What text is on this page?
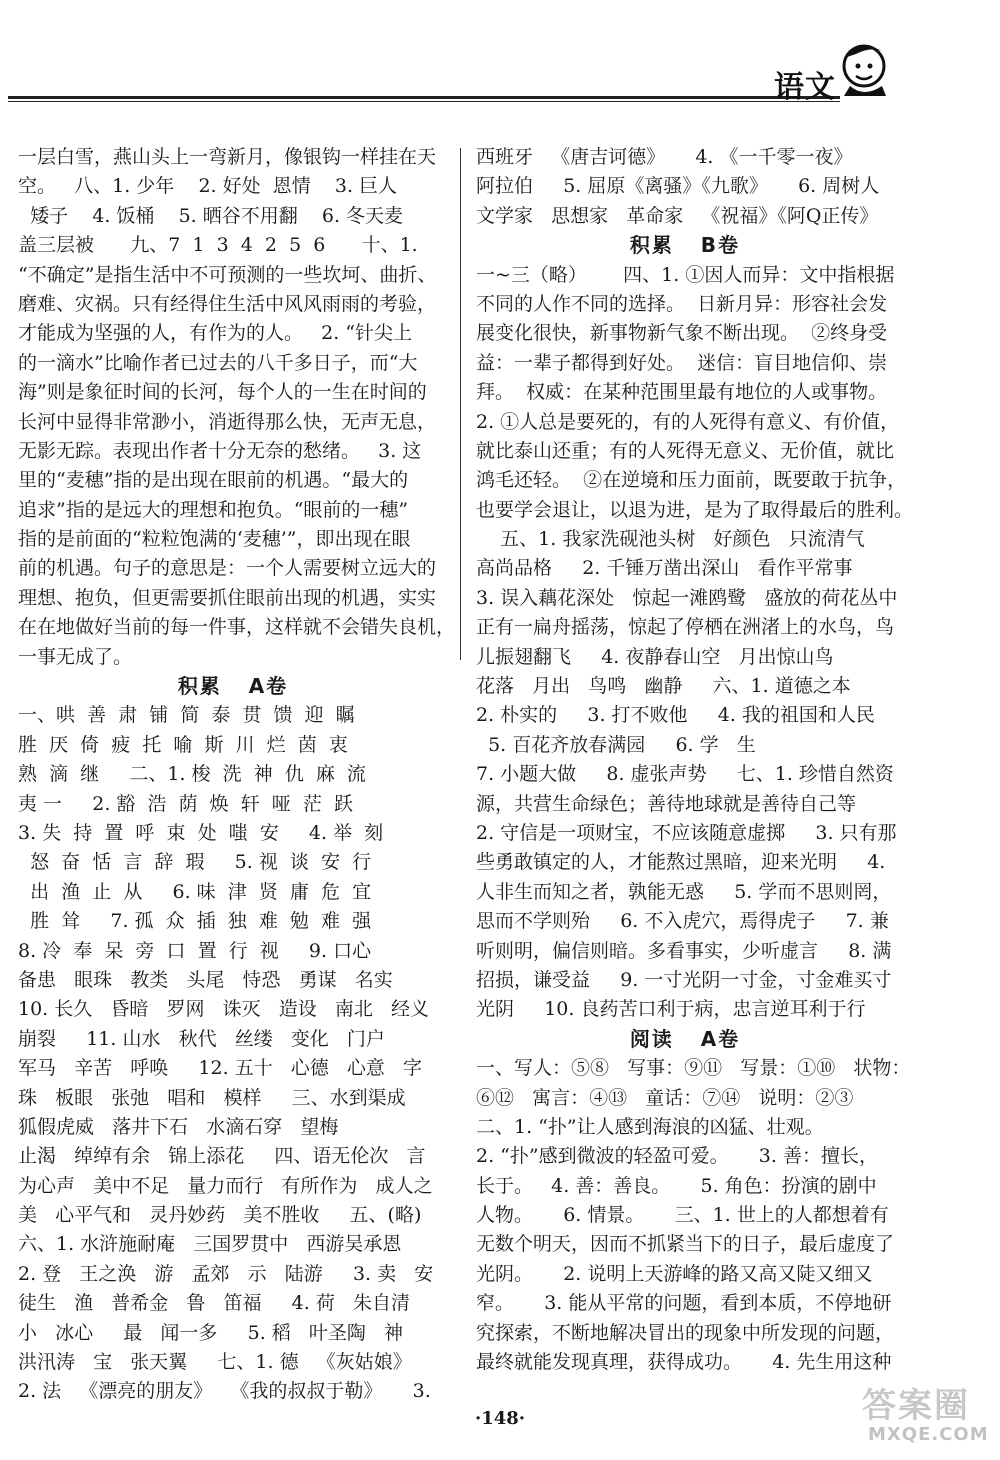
语文
一层白雪，燕山头上一弯新月，像银钩一样挂在天
空。   八、1. 少年    2. 好处  恩情    3. 巨人
矮子    4. 饭桶    5. 晒谷不用翻    6. 冬天麦
盖三层被      九、7  1  3  4  2  5  6      十、1.
“不确定”是指生活中不可预测的一些坎坷、曲折、
磨难、灾祸。只有经得住生活中风风雨雨的考验，
才能成为坚强的人，有作为的人。   2. “针尖上
的一滴水”比喻作者已过去的八千多日子，而“大
海”则是象征时间的长河，每个人的一生在时间的
长河中显得非常渺小，消逝得那么快，无声无息，
无影无踪。表现出作者十分无奈的愁绪。   3. 这
里的“麦穗”指的是出现在眼前的机遇。“最大的
追求”指的是远大的理想和抱负。“眼前的一穗”
指的是前面的“粒粒饱满的‘麦穗’”，即出现在眼
前的机遇。句子的意思是：一个人需要树立远大的
理想、抱负，但更需要抓住眼前出现的机遇，实实
在在地做好当前的每一件事，这样就不会错失良机，
一事无成了。
积累   A卷
一、哄  善  肃  铺  简  泰  贯  馈  迎  瞩
胜  厌  倚  疲  托  喻  斯  川  烂  茵  衷
熟  滴  继     二、1. 梭  洗  神  仇  麻  流
夷 一     2. 豁  浩  荫  焕  轩  哑  茫  跃
3. 失  持  置  呼  束  处  嗤  安     4. 举  刻
怒  奋  恬  言  辞  瑕     5. 视  谈  安  行
出  渔  止  从     6. 味  津  贤  庸  危  宜
胜  耸     7. 孤  众  插  独  难  勉  难  强
8. 冷  奉  呆  旁  口  置  行  视     9. 口心
备患   眼珠   教类   头尾   恃恐   勇谋   名实
10. 长久   昏暗   罗网   诛灭   造设   南北   经义
崩裂     11. 山水   秋代   丝缕   变化   门户
军马   辛苦   呼唤     12. 五十   心德   心意   字
珠   板眼   张弛   唱和   模样     三、水到渠成
狐假虎威   落井下石   水滴石穿   望梅
止渴   绰绰有余   锦上添花     四、语无伦次   言
为心声   美中不足   量力而行   有所作为   成人之
美   心平气和   灵丹妙药   美不胜收     五、(略)
六、1. 水浒施耐庵   三国罗贯中   西游吴承恩
2. 登   王之涣   游   孟郊   示   陆游     3. 卖   安
徒生   渔   普希金   鲁   笛福     4. 荷   朱自清
小   冰心     最   闻一多     5. 稻   叶圣陶   神
洪汛涛   宝   张天翼     七、1. 德   《灰姑娘》
2. 法   《漂亮的朋友》   《我的叔叔于勒》     3.
西班牙   《唐吉诃德》     4. 《一千零一夜》
阿拉伯     5. 屈原《离骚》《九歌》     6. 周树人
文学家   思想家   革命家   《祝福》《阿Q正传》
积累   B卷
一~三（略）      四、1. ①因人而异：文中指根据
不同的人作不同的选择。  日新月异：形容社会发
展变化很快，新事物新气象不断出现。  ②终身受
益：一辈子都得到好处。  迷信：盲目地信仰、崇
拜。  权威：在某种范围里最有地位的人或事物。
2. ①人总是要死的，有的人死得有意义、有价值，
就比泰山还重；有的人死得无意义、无价值，就比
鸿毛还轻。  ②在逆境和压力面前，既要敢于抗争，
也要学会退让，以退为进，是为了取得最后的胜利。
五、1. 我家洗砚池头树   好颜色   只流清气
高尚品格     2. 千锤万凿出深山   看作平常事
3. 误入藕花深处   惊起一滩鸥鹭   盛放的荷花丛中
正有一扁舟摇荡，惊起了停栖在洲渚上的水鸟，鸟
儿振翅翻飞     4. 夜静春山空   月出惊山鸟
花落   月出   鸟鸣   幽静     六、1. 道德之本
2. 朴实的     3. 打不败他     4. 我的祖国和人民
5. 百花齐放春满园     6. 学   生
7. 小题大做     8. 虚张声势     七、1. 珍惜自然资
源，共营生命绿色；善待地球就是善待自己等
2. 守信是一项财宝，不应该随意虚掷     3. 只有那
些勇敢镇定的人，才能熬过黑暗，迎来光明     4.
人非生而知之者，孰能无惑     5. 学而不思则罔，
思而不学则殆     6. 不入虎穴，焉得虎子     7. 兼
听则明，偏信则暗。多看事实，少听虚言     8. 满
招损，谦受益     9. 一寸光阴一寸金，寸金难买寸
光阴     10. 良药苦口利于病，忠言逆耳利于行
阅读   A卷
一、写人：⑤⑧   写事：⑨⑪   写景：①⑩   状物：
⑥⑫   寓言：④⑬   童话：⑦⑭   说明：②③
二、1. “扑”让人感到海浪的凶猛、壮观。
2. “扑”感到微波的轻盈可爱。     3. 善：擅长，
长于。   4. 善：善良。     5. 角色：扮演的剧中
人物。     6. 情景。     三、1. 世上的人都想着有
无数个明天，因而不抓紧当下的日子，最后虚度了
光阴。     2. 说明上天游峰的路又高又陡又细又
窄。     3. 能从平常的问题，看到本质，不停地研
究探索，不断地解决冒出的现象中所发现的问题，
最终就能发现真理，获得成功。     4. 先生用这种
·148·	答案圈
MXQE.COM
